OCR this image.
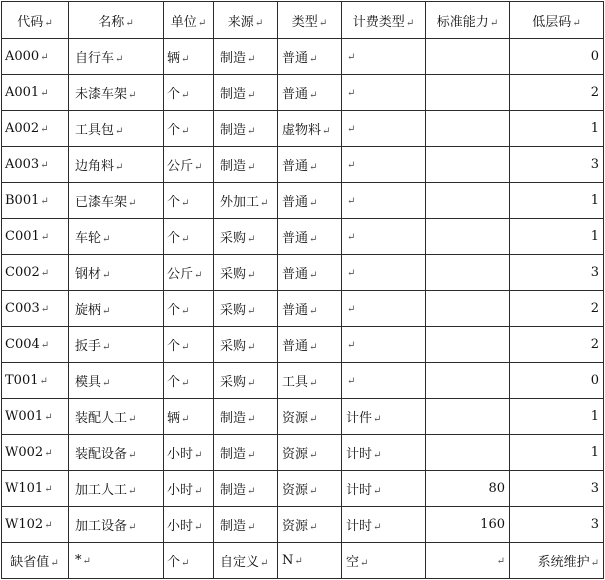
代码↵	名称↵	单位↵	来源↵	类型↵	计费类型↵	标准能力↵	低层码↵
A000↵	自行车↵	辆↵	制造↵	普通↵	↵		0
A001↵	未漆车架↵	个↵	制造↵	普通↵	↵		2
A002↵	工具包↵	个↵	制造↵	虚物料↵	↵		1
A003↵	边角料↵	公斤↵	制造↵	普通↵	↵		3
B001↵	已漆车架↵	个↵	外加工↵	普通↵	↵		1
C001↵	车轮↵	个↵	采购↵	普通↵	↵		1
C002↵	钢材↵	公斤↵	采购↵	普通↵	↵		3
C003↵	旋柄↵	个↵	采购↵	普通↵	↵		2
C004↵	扳手↵	个↵	采购↵	普通↵	↵		2
T001↵	模具↵	个↵	采购↵	工具↵	↵		0
W001↵	装配人工↵	辆↵	制造↵	资源↵	计件↵		1
W002↵	装配设备↵	小时↵	制造↵	资源↵	计时↵		1
W101↵	加工人工↵	小时↵	制造↵	资源↵	计时↵	80	3
W102↵	加工设备↵	小时↵	制造↵	资源↵	计时↵	160	3
缺省值↵	*↵	个↵	自定义↵	N↵	空↵	↵	系统维护↵
